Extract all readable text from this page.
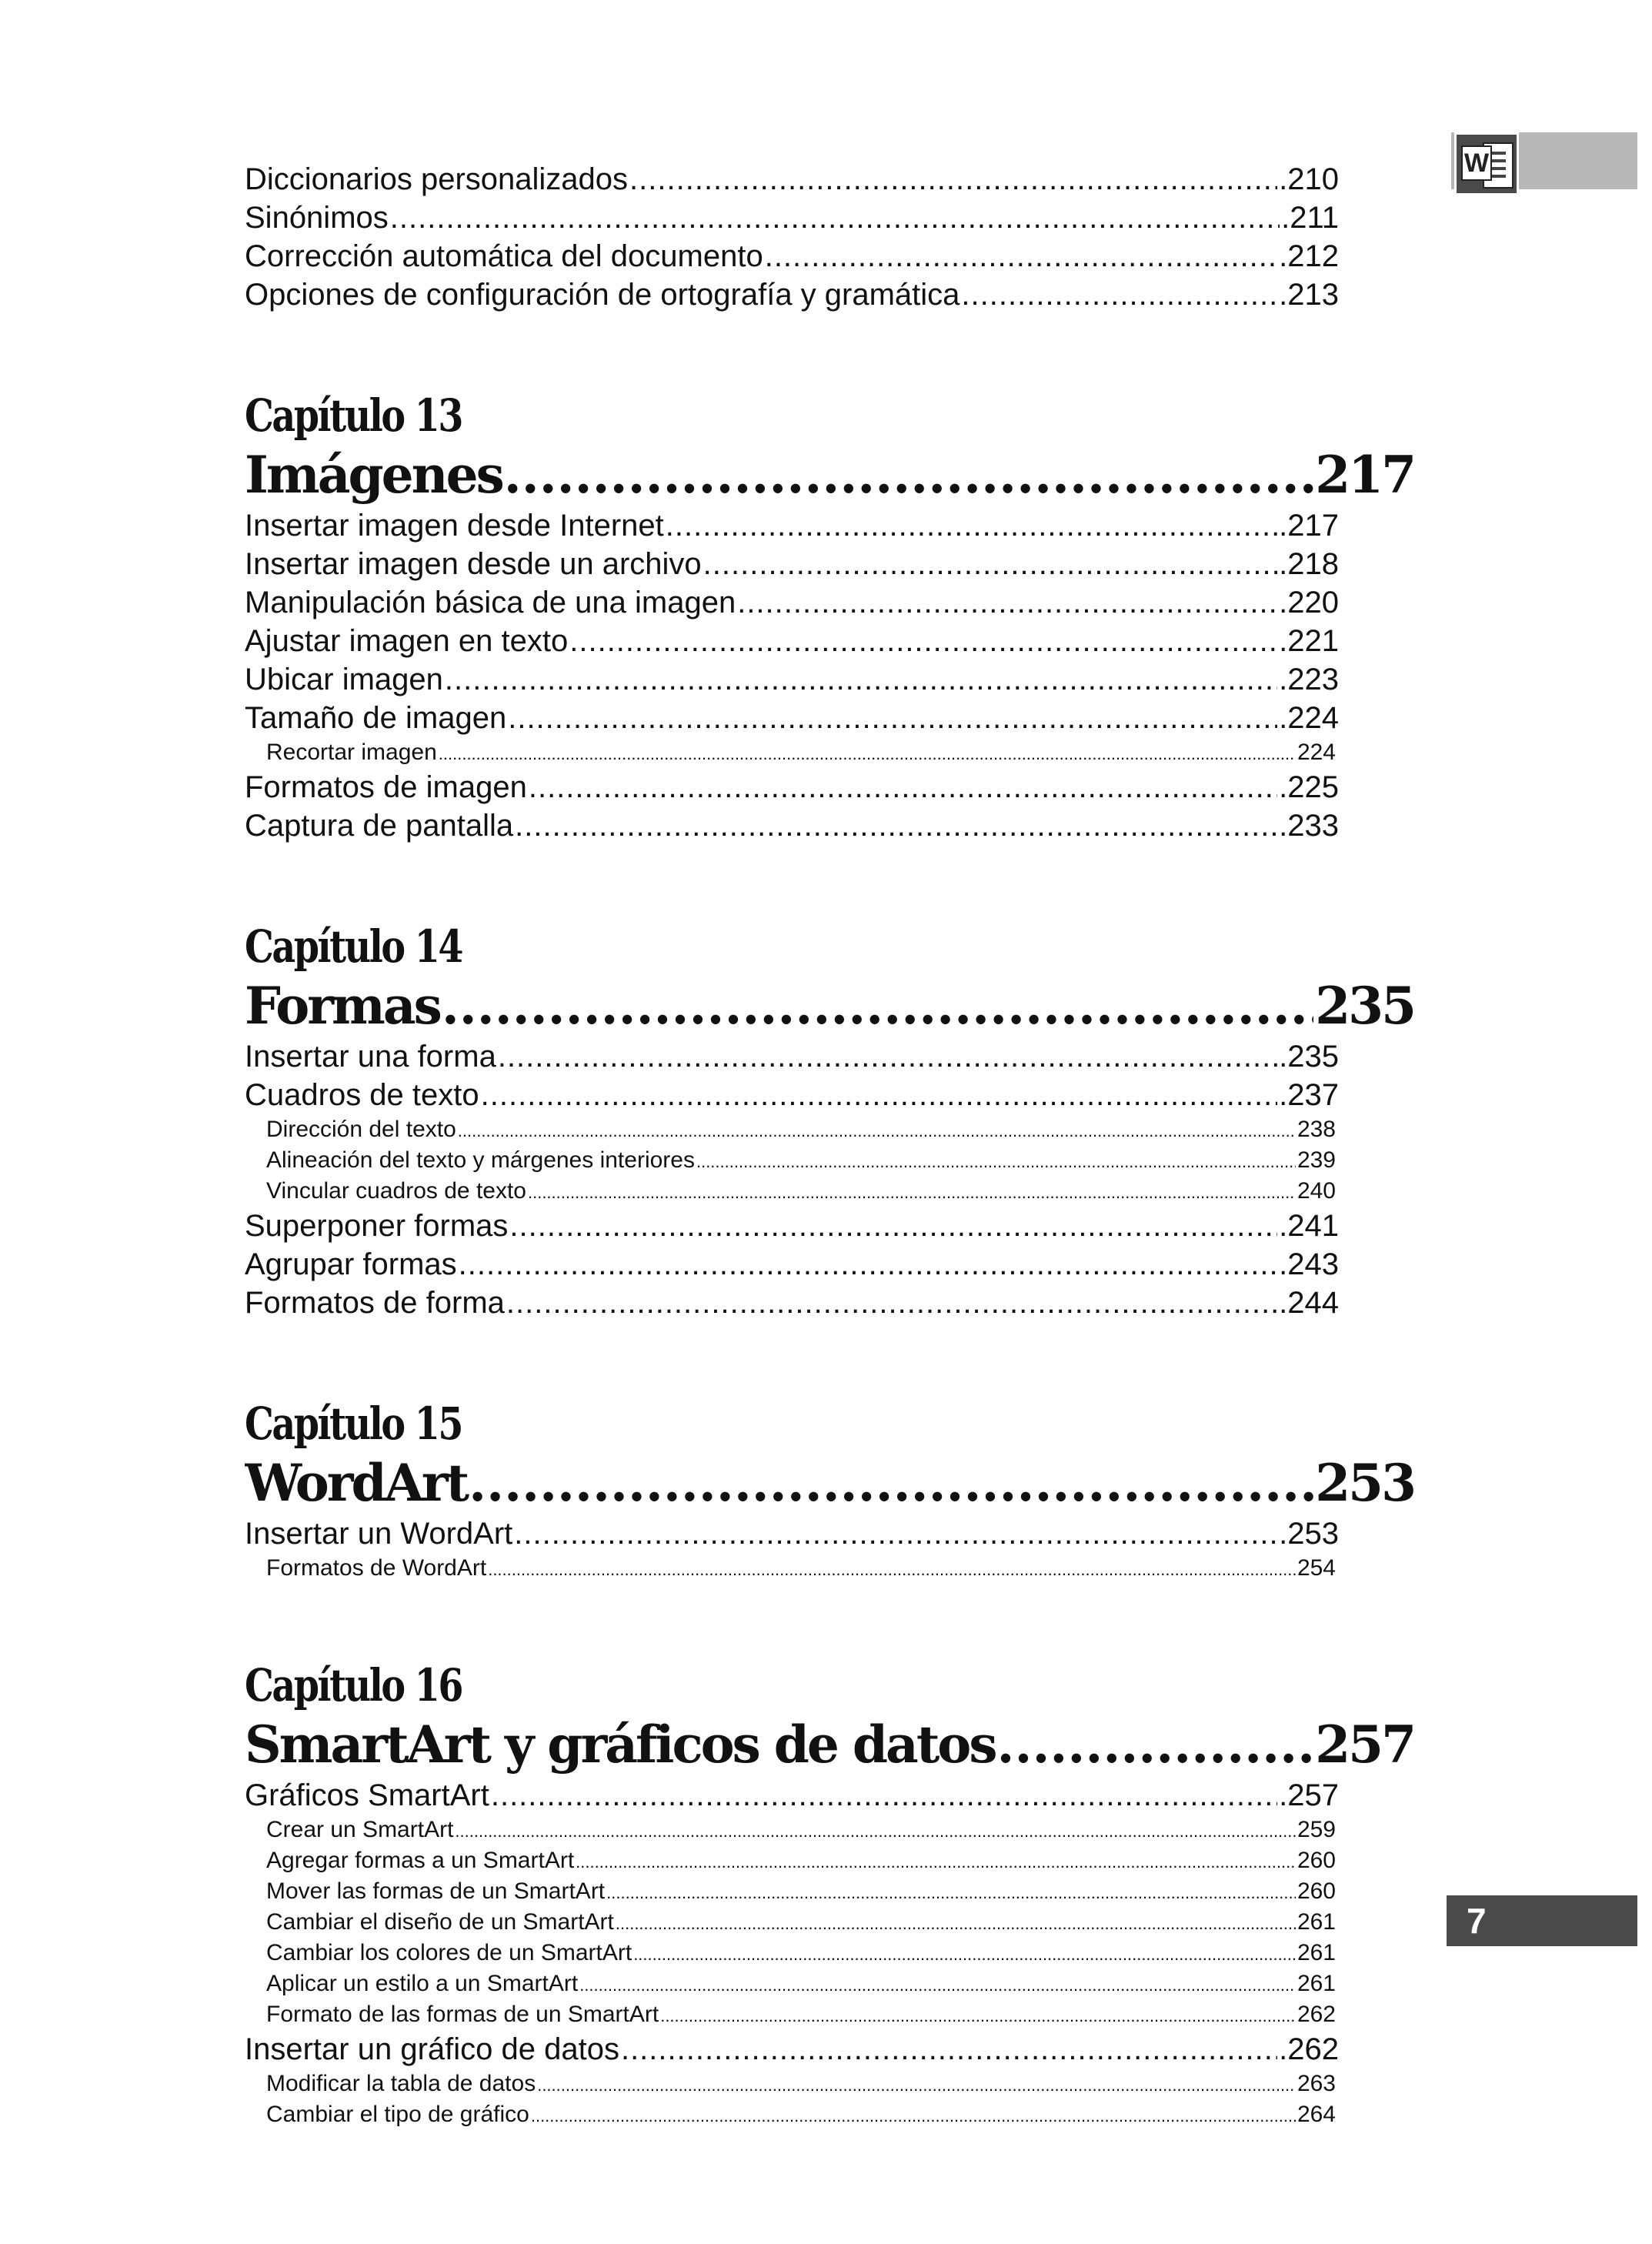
W
Diccionarios personalizados .....	.210
Sinónimos .....	.211
Corrección automática del documento .....	.212
Opciones de configuración de ortografía y gramática .....	.213
Capítulo 13
Imágenes .....	217
Insertar imagen desde Internet .....	.217
Insertar imagen desde un archivo .....	.218
Manipulación básica de una imagen .....	.220
Ajustar imagen en texto .....	.221
Ubicar imagen .....	.223
Tamaño de imagen .....	.224
Recortar imagen .....	224
Formatos de imagen .....	.225
Captura de pantalla .....	.233
Capítulo 14
Formas .....	235
Insertar una forma .....	.235
Cuadros de texto .....	.237
Dirección del texto .....	238
Alineación del texto y márgenes interiores .....	239
Vincular cuadros de texto .....	240
Superponer formas .....	.241
Agrupar formas .....	.243
Formatos de forma .....	.244
Capítulo 15
WordArt .....	253
Insertar un WordArt .....	.253
Formatos de WordArt .....	254
Capítulo 16
SmartArt y gráficos de datos .....	257
Gráficos SmartArt .....	.257
Crear un SmartArt .....	259
Agregar formas a un SmartArt .....	260
Mover las formas de un SmartArt .....	260
Cambiar el diseño de un SmartArt .....	261
Cambiar los colores de un SmartArt .....	261
Aplicar un estilo a un SmartArt .....	261
Formato de las formas de un SmartArt .....	262
Insertar un gráfico de datos .....	.262
Modificar la tabla de datos .....	263
Cambiar el tipo de gráfico .....	264
7
